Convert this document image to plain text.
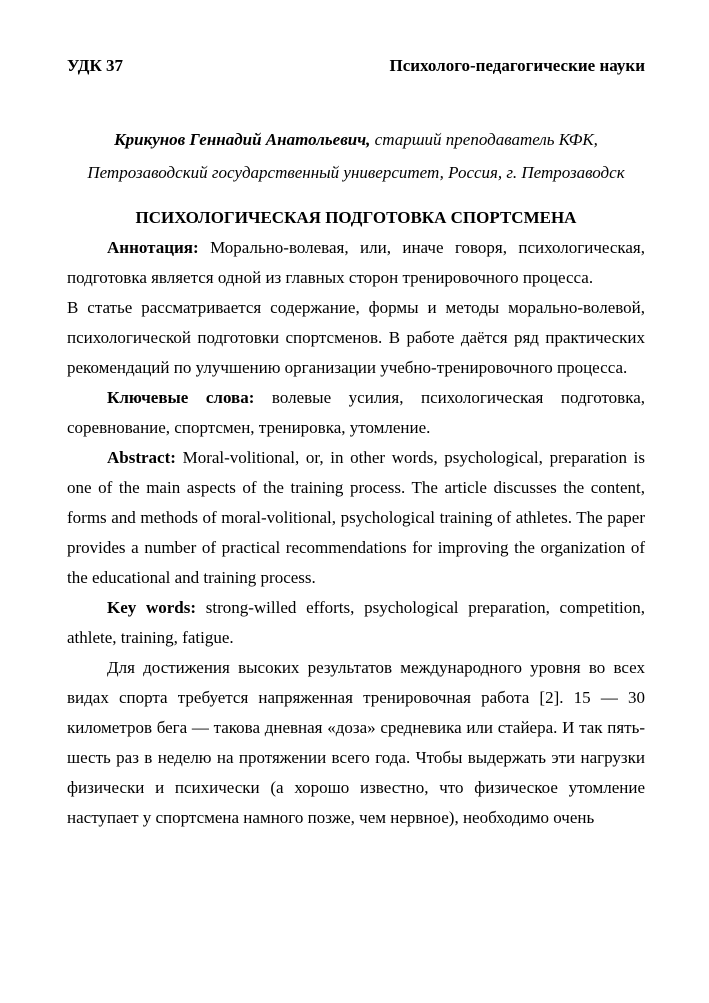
УДК 37	Психолого-педагогические науки
Крикунов Геннадий Анатольевич, старший преподаватель КФК,
Петрозаводский государственный университет, Россия, г. Петрозаводск
ПСИХОЛОГИЧЕСКАЯ ПОДГОТОВКА СПОРТСМЕНА

Аннотация: Морально-волевая, или, иначе говоря, психологическая, подготовка является одной из главных сторон тренировочного процесса.

В статье рассматривается содержание, формы и методы морально-волевой, психологической подготовки спортсменов. В работе даётся ряд практических рекомендаций по улучшению организации учебно-тренировочного процесса.

Ключевые слова: волевые усилия, психологическая подготовка, соревнование, спортсмен, тренировка, утомление.

Abstract: Moral-volitional, or, in other words, psychological, preparation is one of the main aspects of the training process. The article discusses the content, forms and methods of moral-volitional, psychological training of athletes. The paper provides a number of practical recommendations for improving the organization of the educational and training process.

Key words: strong-willed efforts, psychological preparation, competition, athlete, training, fatigue.

Для достижения высоких результатов международного уровня во всех видах спорта требуется напряженная тренировочная работа [2]. 15 — 30 километров бега — такова дневная «доза» средневика или стайера. И так пять-шесть раз в неделю на протяжении всего года. Чтобы выдержать эти нагрузки физически и психически (а хорошо известно, что физическое утомление наступает у спортсмена намного позже, чем нервное), необходимо очень
